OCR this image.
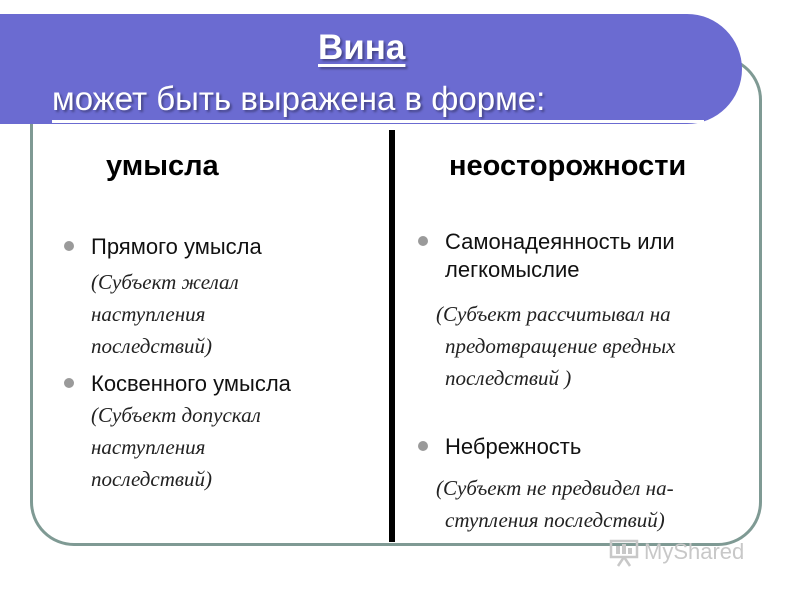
Вина
может быть выражена в форме:
умысла
Прямого умысла
(Субъект желал
наступления
последствий)
Косвенного умысла
(Субъект допускал
наступления
последствий)
неосторожности
Самонадеянность или
легкомыслие
(Субъект рассчитывал на
предотвращение вредных
последствий )
Небрежность
(Субъект не предвидел на-
ступления последствий)
MyShared
